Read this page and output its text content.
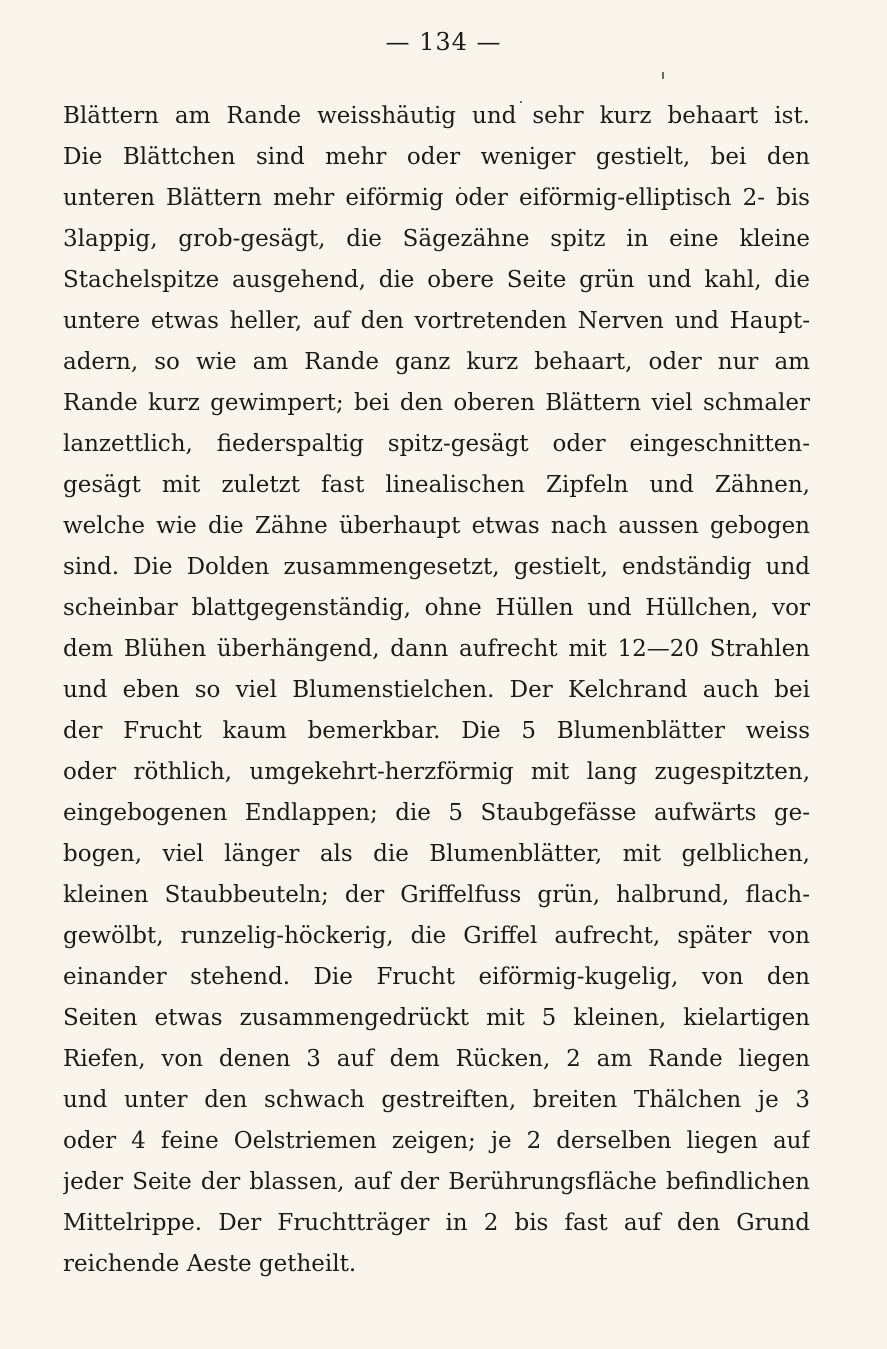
— 134 —
Blättern am Rande weisshäutig und sehr kurz behaart ist.
Die Blättchen sind mehr oder weniger gestielt, bei den
unteren Blättern mehr eiförmig oder eiförmig-elliptisch 2- bis
3lappig, grob-gesägt, die Sägezähne spitz in eine kleine
Stachelspitze ausgehend, die obere Seite grün und kahl, die
untere etwas heller, auf den vortretenden Nerven und Haupt-
adern, so wie am Rande ganz kurz behaart, oder nur am
Rande kurz gewimpert; bei den oberen Blättern viel schmaler
lanzettlich, fiederspaltig spitz-gesägt oder eingeschnitten-
gesägt mit zuletzt fast linealischen Zipfeln und Zähnen,
welche wie die Zähne überhaupt etwas nach aussen gebogen
sind. Die Dolden zusammengesetzt, gestielt, endständig und
scheinbar blattgegenständig, ohne Hüllen und Hüllchen, vor
dem Blühen überhängend, dann aufrecht mit 12—20 Strahlen
und eben so viel Blumenstielchen. Der Kelchrand auch bei
der Frucht kaum bemerkbar. Die 5 Blumenblätter weiss
oder röthlich, umgekehrt-herzförmig mit lang zugespitzten,
eingebogenen Endlappen; die 5 Staubgefässe aufwärts ge-
bogen, viel länger als die Blumenblätter, mit gelblichen,
kleinen Staubbeuteln; der Griffelfuss grün, halbrund, flach-
gewölbt, runzelig-höckerig, die Griffel aufrecht, später von
einander stehend. Die Frucht eiförmig-kugelig, von den
Seiten etwas zusammengedrückt mit 5 kleinen, kielartigen
Riefen, von denen 3 auf dem Rücken, 2 am Rande liegen
und unter den schwach gestreiften, breiten Thälchen je 3
oder 4 feine Oelstriemen zeigen; je 2 derselben liegen auf
jeder Seite der blassen, auf der Berührungsfläche befindlichen
Mittelrippe. Der Fruchtträger in 2 bis fast auf den Grund
reichende Aeste getheilt.
